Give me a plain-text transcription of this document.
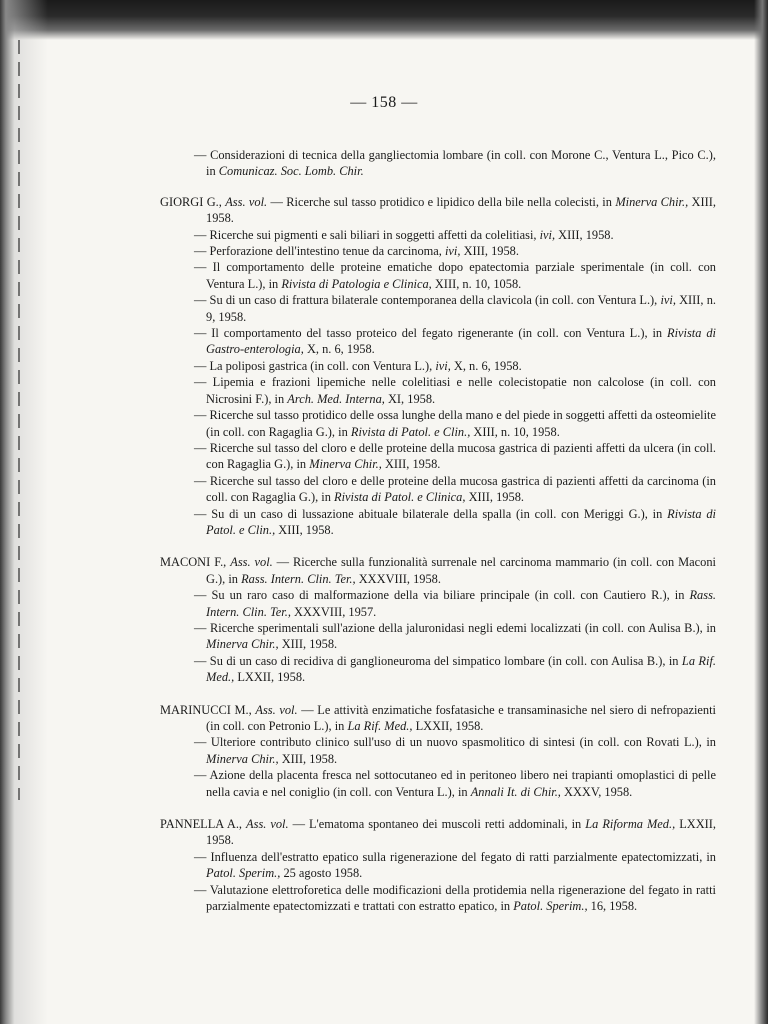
— 158 —

— Considerazioni di tecnica della gangliectomia lombare (in coll. con Morone C., Ventura L., Pico C.), in Comunicaz. Soc. Lomb. Chir.

GIORGI G., Ass. vol. — Ricerche sul tasso protidico e lipidico della bile nella colecisti, in Minerva Chir., XIII, 1958.

— Ricerche sui pigmenti e sali biliari in soggetti affetti da colelitiasi, ivi, XIII, 1958.

— Perforazione dell'intestino tenue da carcinoma, ivi, XIII, 1958.

— Il comportamento delle proteine ematiche dopo epatectomia parziale sperimentale (in coll. con Ventura L.), in Rivista di Patologia e Clinica, XIII, n. 10, 1058.

— Su di un caso di frattura bilaterale contemporanea della clavicola (in coll. con Ventura L.), ivi, XIII, n. 9, 1958.

— Il comportamento del tasso proteico del fegato rigenerante (in coll. con Ventura L.), in Rivista di Gastro-enterologia, X, n. 6, 1958.

— La poliposi gastrica (in coll. con Ventura L.), ivi, X, n. 6, 1958.

— Lipemia e frazioni lipemiche nelle colelitiasi e nelle colecistopatie non calcolose (in coll. con Nicrosini F.), in Arch. Med. Interna, XI, 1958.

— Ricerche sul tasso protidico delle ossa lunghe della mano e del piede in soggetti affetti da osteomielite (in coll. con Ragaglia G.), in Rivista di Patol. e Clin., XIII, n. 10, 1958.

— Ricerche sul tasso del cloro e delle proteine della mucosa gastrica di pazienti affetti da ulcera (in coll. con Ragaglia G.), in Minerva Chir., XIII, 1958.

— Ricerche sul tasso del cloro e delle proteine della mucosa gastrica di pazienti affetti da carcinoma (in coll. con Ragaglia G.), in Rivista di Patol. e Clinica, XIII, 1958.

— Su di un caso di lussazione abituale bilaterale della spalla (in coll. con Meriggi G.), in Rivista di Patol. e Clin., XIII, 1958.

MACONI F., Ass. vol. — Ricerche sulla funzionalità surrenale nel carcinoma mammario (in coll. con Maconi G.), in Rass. Intern. Clin. Ter., XXXVIII, 1958.

— Su un raro caso di malformazione della via biliare principale (in coll. con Cautiero R.), in Rass. Intern. Clin. Ter., XXXVIII, 1957.

— Ricerche sperimentali sull'azione della jaluronidasi negli edemi localizzati (in coll. con Aulisa B.), in Minerva Chir., XIII, 1958.

— Su di un caso di recidiva di ganglioneuroma del simpatico lombare (in coll. con Aulisa B.), in La Rif. Med., LXXII, 1958.

MARINUCCI M., Ass. vol. — Le attività enzimatiche fosfatasiche e transaminasiche nel siero di nefropazienti (in coll. con Petronio L.), in La Rif. Med., LXXII, 1958.

— Ulteriore contributo clinico sull'uso di un nuovo spasmolitico di sintesi (in coll. con Rovati L.), in Minerva Chir., XIII, 1958.

— Azione della placenta fresca nel sottocutaneo ed in peritoneo libero nei trapianti omoplastici di pelle nella cavia e nel coniglio (in coll. con Ventura L.), in Annali It. di Chir., XXXV, 1958.

PANNELLA A., Ass. vol. — L'ematoma spontaneo dei muscoli retti addominali, in La Riforma Med., LXXII, 1958.

— Influenza dell'estratto epatico sulla rigenerazione del fegato di ratti parzialmente epatectomizzati, in Patol. Sperim., 25 agosto 1958.

— Valutazione elettroforetica delle modificazioni della protidemia nella rigenerazione del fegato in ratti parzialmente epatectomizzati e trattati con estratto epatico, in Patol. Sperim., 16, 1958.
